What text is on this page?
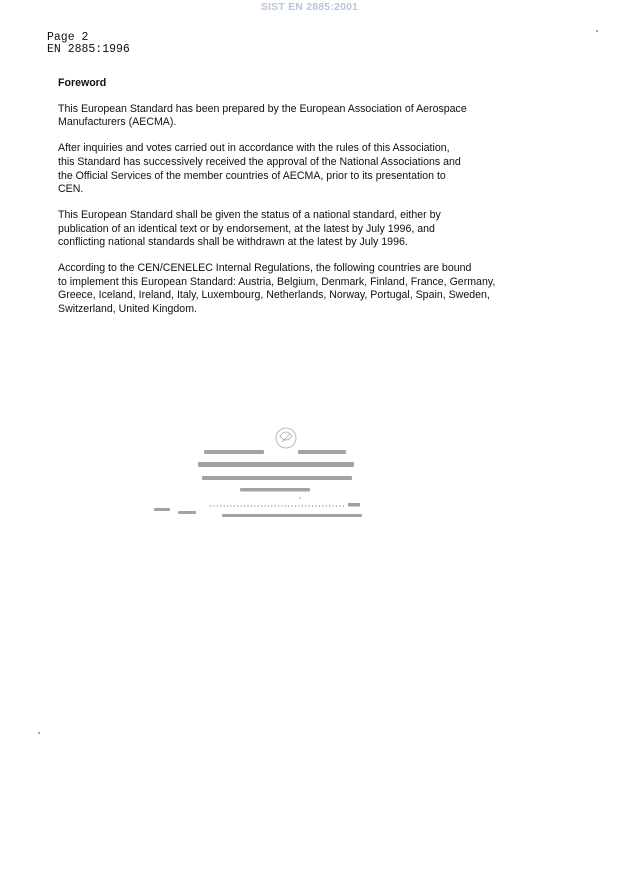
SIST EN 2885:2001
Page 2
EN 2885:1996
Foreword
This European Standard has been prepared by the European Association of Aerospace
Manufacturers (AECMA).
After inquiries and votes carried out in accordance with the rules of this Association,
this Standard has successively received the approval of the National Associations and
the Official Services of the member countries of AECMA, prior to its presentation to
CEN.
This European Standard shall be given the status of a national standard, either by
publication of an identical text or by endorsement, at the latest by July 1996, and
conflicting national standards shall be withdrawn at the latest by July 1996.
According to the CEN/CENELEC Internal Regulations, the following countries are bound
to implement this European Standard: Austria, Belgium, Denmark, Finland, France, Germany,
Greece, Iceland, Ireland, Italy, Luxembourg, Netherlands, Norway, Portugal, Spain, Sweden,
Switzerland, United Kingdom.
